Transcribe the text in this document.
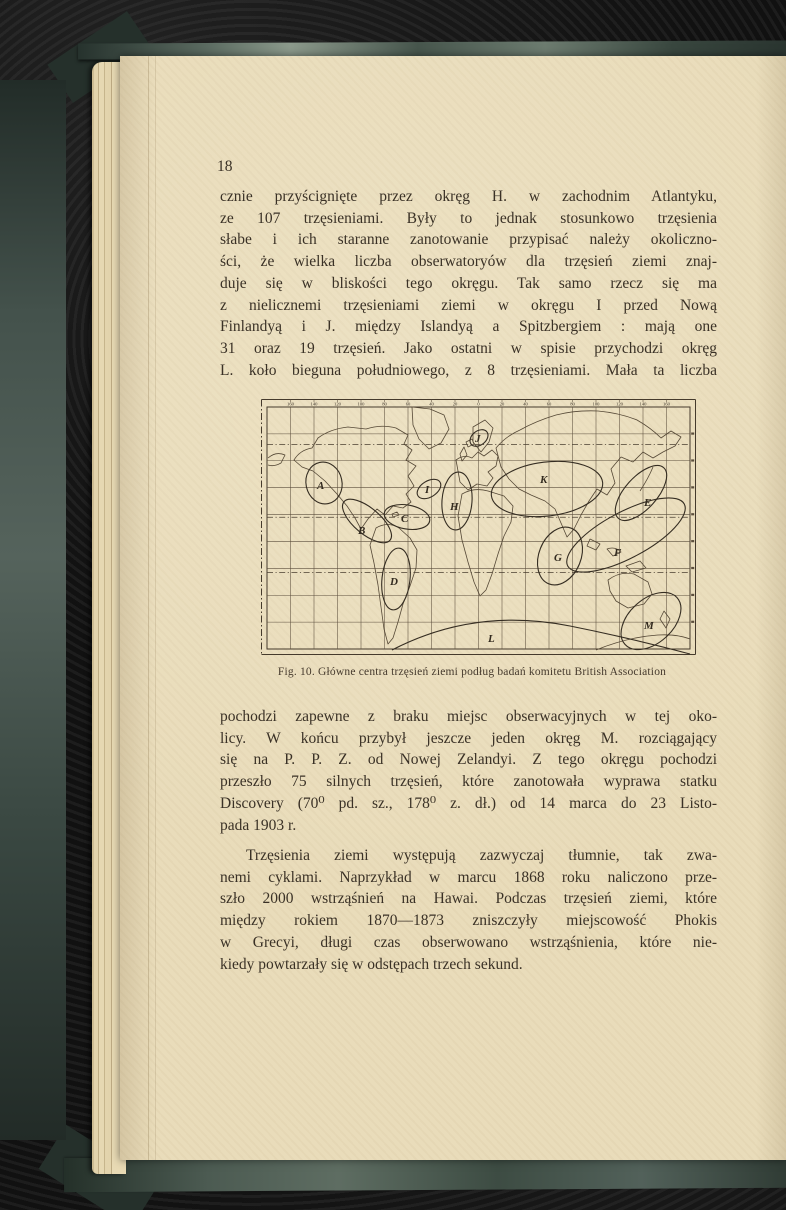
18
cznie przyścignięte przez okręg H. w zachodnim Atlantyku,
ze 107 trzęsieniami. Były to jednak stosunkowo trzęsienia
słabe i ich staranne zanotowanie przypisać należy okoliczno-
ści, że wielka liczba obserwatoryów dla trzęsień ziemi znaj-
duje się w bliskości tego okręgu. Tak samo rzecz się ma
z nielicznemi trzęsieniami ziemi w okręgu I przed Nową
Finlandyą i J. między Islandyą a Spitzbergiem : mają one
31 oraz 19 trzęsień. Jako ostatni w spisie przychodzi okręg
L. koło bieguna południowego, z 8 trzęsieniami. Mała ta liczba
160	140	120	100	80	60	40	20	0	20	40	60	80	100	120	140	160
A
B
C
D
E
F
G
H
I
J
K
L
M
Fig. 10. Główne centra trzęsień ziemi podług badań komitetu British Association
pochodzi zapewne z braku miejsc obserwacyjnych w tej oko-
licy. W końcu przybył jeszcze jeden okręg M. rozciągający
się na P. P. Z. od Nowej Zelandyi. Z tego okręgu pochodzi
przeszło 75 silnych trzęsień, które zanotowała wyprawa statku
Discovery (70⁰ pd. sz., 178⁰ z. dł.) od 14 marca do 23 Listo-
pada 1903 r.
Trzęsienia ziemi występują zazwyczaj tłumnie, tak zwa-
nemi cyklami. Naprzykład w marcu 1868 roku naliczono prze-
szło 2000 wstrząśnień na Hawai. Podczas trzęsień ziemi, które
między rokiem 1870—1873 zniszczyły miejscowość Phokis
w Grecyi, długi czas obserwowano wstrząśnienia, które nie-
kiedy powtarzały się w odstępach trzech sekund.
